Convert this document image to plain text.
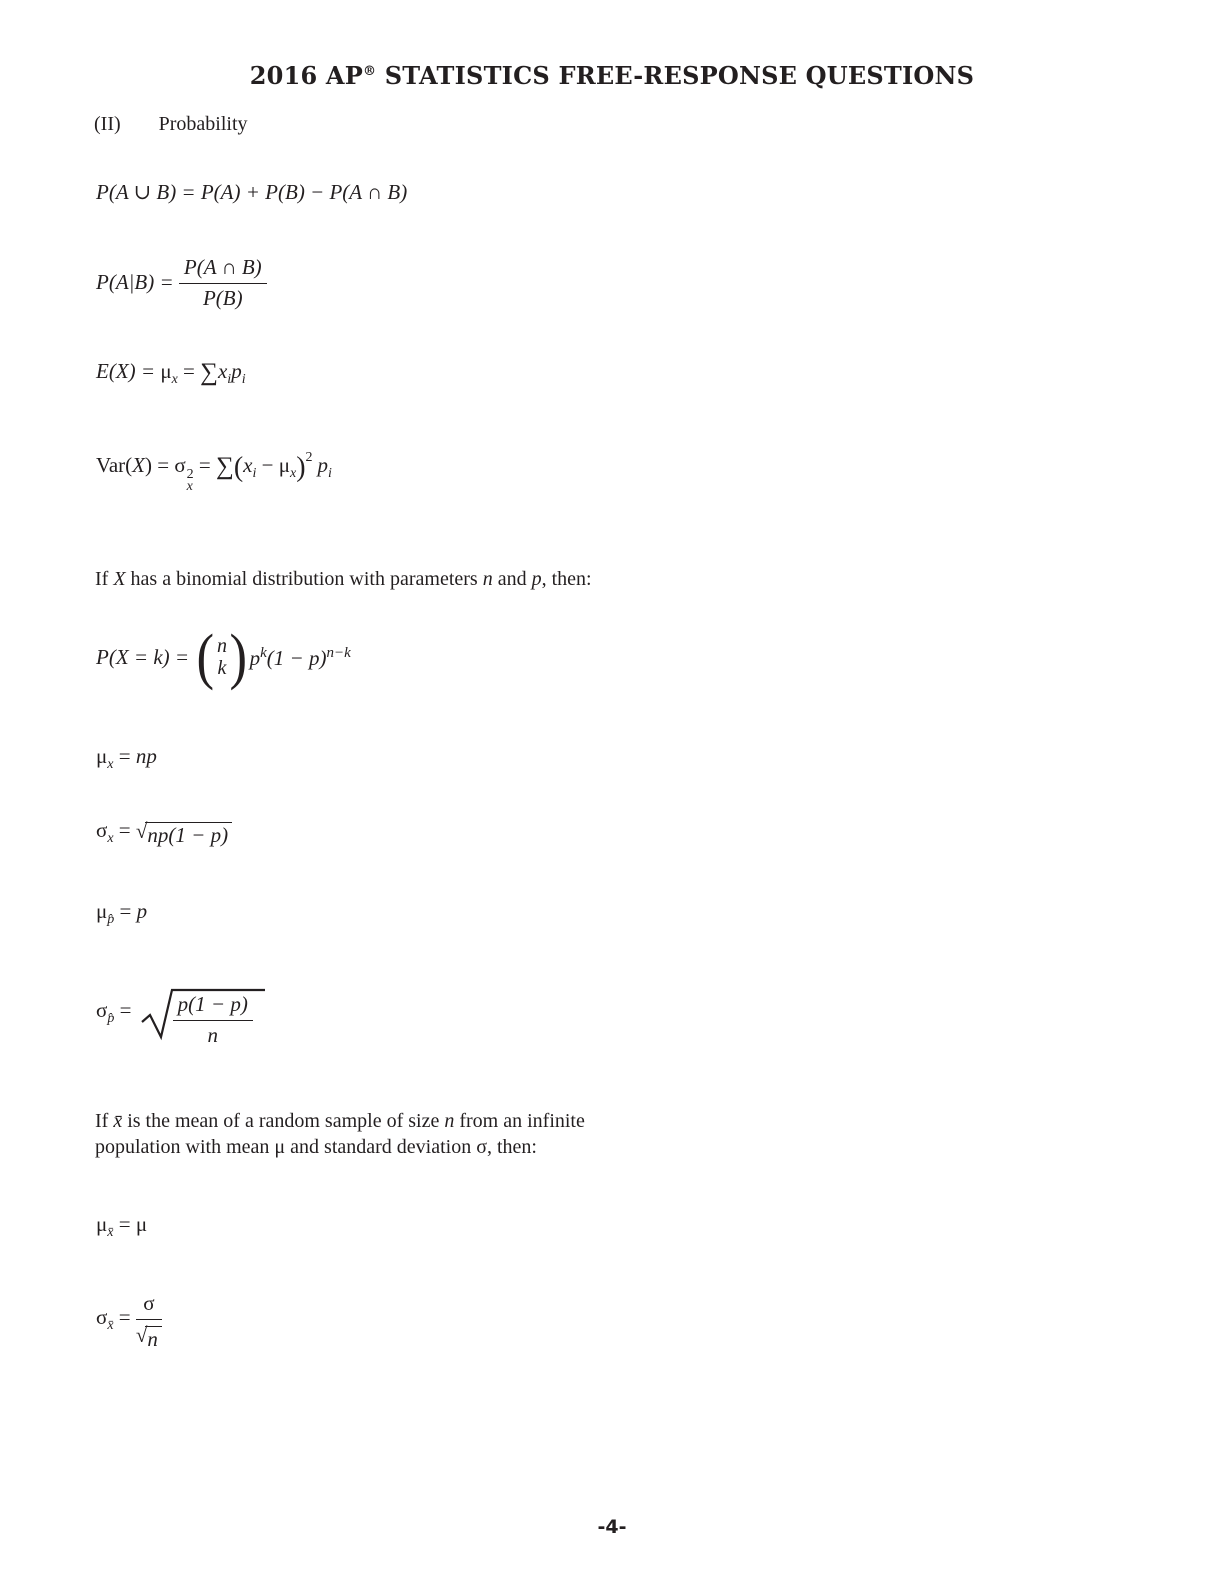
2016 AP® STATISTICS FREE-RESPONSE QUESTIONS
(II) Probability
P(A ∪ B) = P(A) + P(B) − P(A ∩ B)
$P(A|B) = \frac{P(A \cap B)}{P(B)}$
$E(X) = \mu_x = \sum x_ip_i$
Var(X) = σ 2
x
= $\sum(x_i - \mu_x)^2$ $p_i$
If X has a binomial distribution with parameters n and p, then:
P(X = k) = ( n
k ) $p^k(1 - p)^{n-k}$
$\mu_x$ = np
$\sigma_x$ = √ np(1 − p)
$\mu_{p̂} = p$
$\sigma_{p̂}$ =

$\frac{p(1 - p)}{n}$

If x̄ is the mean of a random sample of size n from an infinite
population with mean μ and standard deviation σ, then:
$\mu_{x̄} = \mu$
$\sigma_{x̄} = \frac{\sigma}{√ n}$
-4-
